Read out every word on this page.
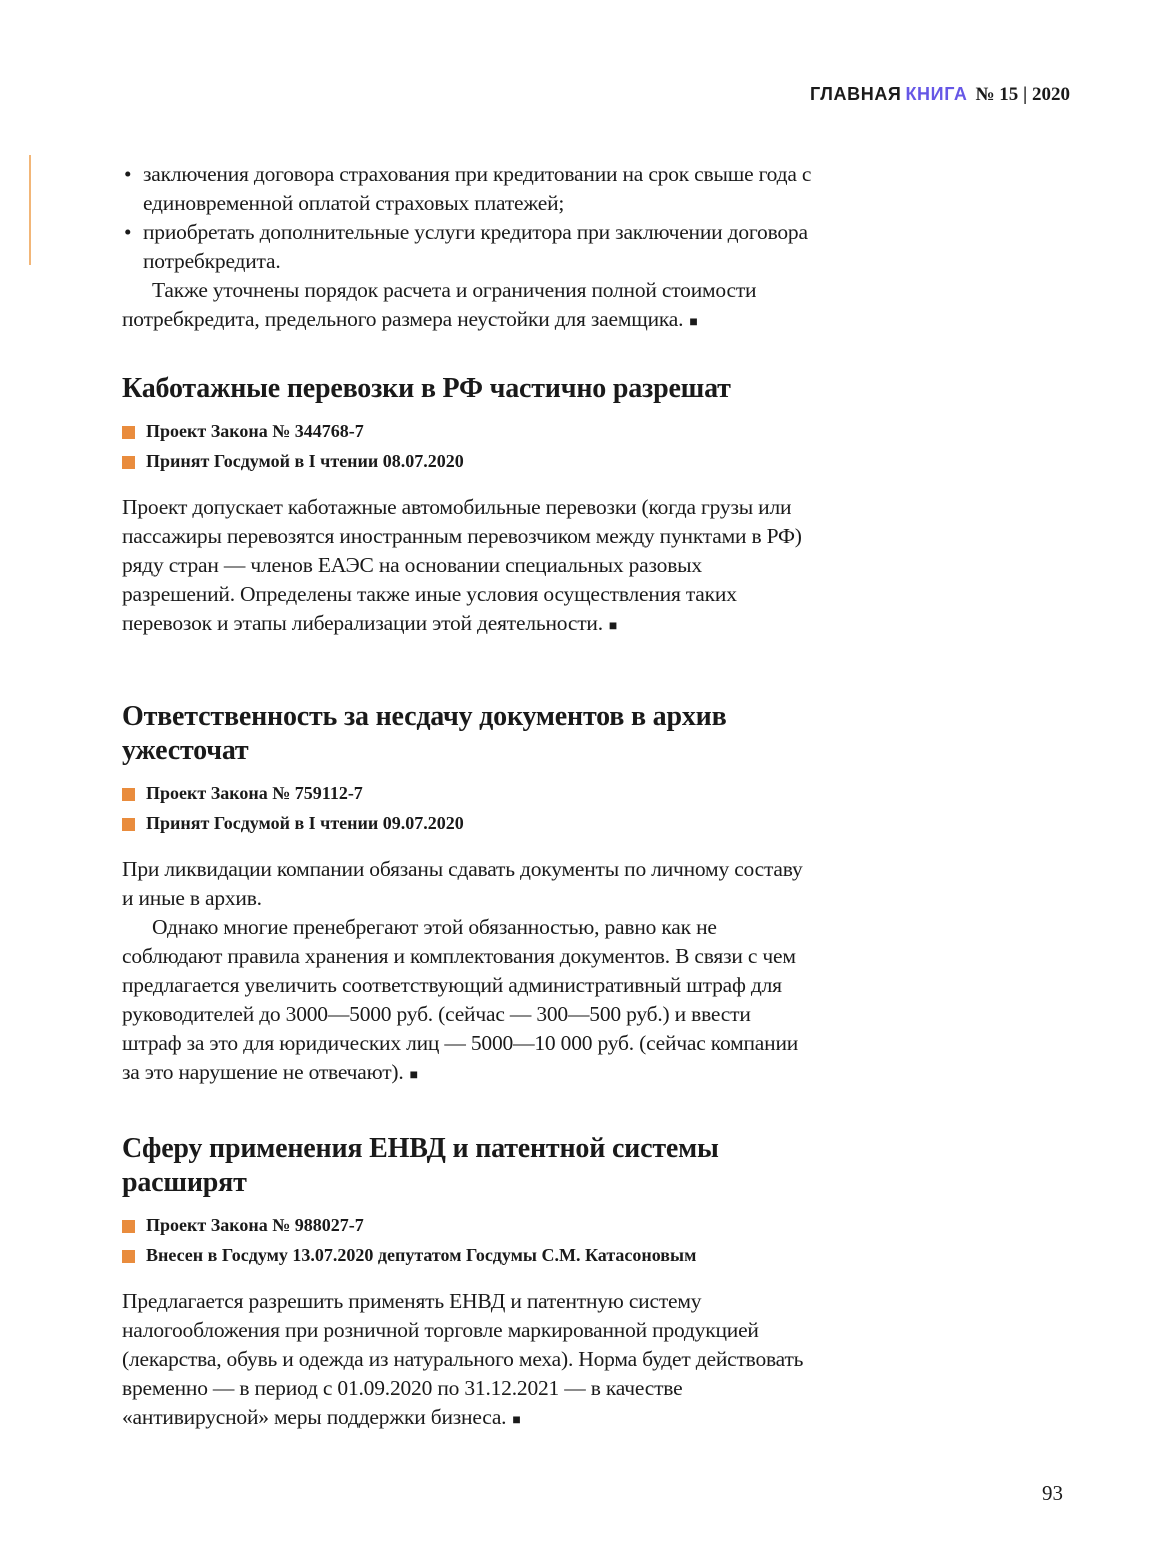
ГЛАВНАЯ КНИГА № 15 | 2020
• заключения договора страхования при кредитовании на срок свыше года с единовременной оплатой страховых платежей;
• приобретать дополнительные услуги кредитора при заключении договора потребкредита.

Также уточнены порядок расчета и ограничения полной стоимости потребкредита, предельного размера неустойки для заемщика. ■

Каботажные перевозки в РФ частично разрешат
Проект Закона № 344768-7
Принят Госдумой в I чтении 08.07.2020

Проект допускает каботажные автомобильные перевозки (когда грузы или пассажиры перевозятся иностранным перевозчиком между пунктами в РФ) ряду стран — членов ЕАЭС на основании специальных разовых разрешений. Определены также иные условия осуществления таких перевозок и этапы либерализации этой деятельности. ■

Ответственность за несдачу документов в архив ужесточат
Проект Закона № 759112-7
Принят Госдумой в I чтении 09.07.2020

При ликвидации компании обязаны сдавать документы по личному составу и иные в архив.

Однако многие пренебрегают этой обязанностью, равно как не соблюдают правила хранения и комплектования документов. В связи с чем предлагается увеличить соответствующий административный штраф для руководителей до 3000—5000 руб. (сейчас — 300—500 руб.) и ввести штраф за это для юридических лиц — 5000—10 000 руб. (сейчас компании за это нарушение не отвечают). ■

Сферу применения ЕНВД и патентной системы расширят
Проект Закона № 988027-7
Внесен в Госдуму 13.07.2020 депутатом Госдумы С.М. Катасоновым

Предлагается разрешить применять ЕНВД и патентную систему налогообложения при розничной торговле маркированной продукцией (лекарства, обувь и одежда из натурального меха). Норма будет действовать временно — в период с 01.09.2020 по 31.12.2021 — в качестве «антивирусной» меры поддержки бизнеса. ■

93
